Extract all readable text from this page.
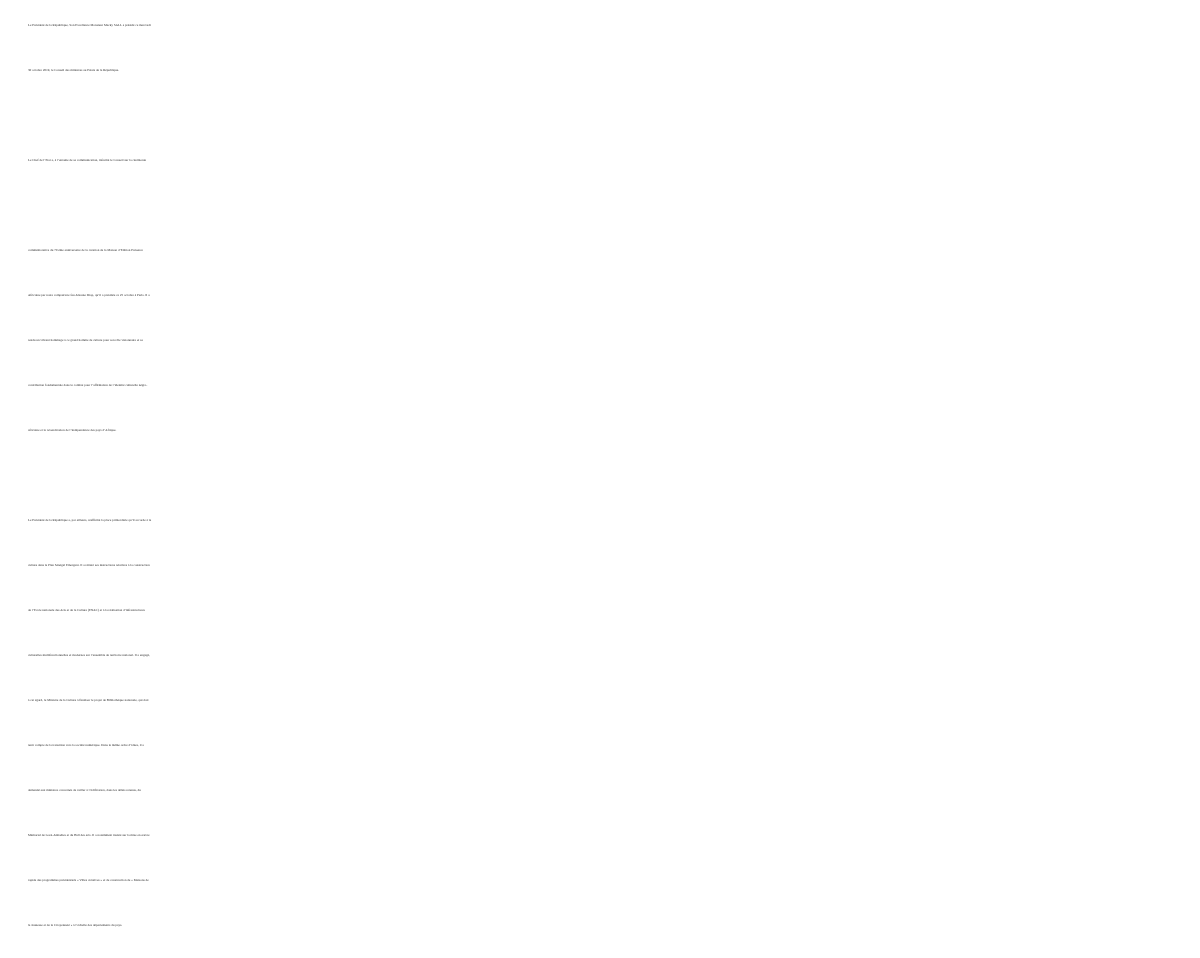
Le Président de la République, Son Excellence Monsieur Macky SALL a présidé ce mercredi
30 octobre 2019, le Conseil des ministres au Palais de la République.
Le Chef de l’Etat a, à l’entame de sa communication, informé le Conseil sur la cérémonie
commémorative du 70 ème anniversaire de la création de la Maison d’Edition Présence
Africaine par notre compatriote feu Alioune Diop, qu’il a présidée ce 25 octobre à Paris. Il a
rendu un vibrant hommage à ce grand homme de culture pour son rôle visionnaire et sa
contribution fondamentale dans le combat pour l’affirmation de l’identité culturelle négro-
africaine et la revendication de l’indépendance des pays d’Afrique.
Le Président de la République a, par ailleurs, réaffirmé la place primordiale qu’il accorde à la
culture dans le Plan Sénégal Emergent. Il a réitéré ses instructions relatives à la construction
de l’Ecole nationale des Arts et de la Culture (ENAC) et à la réalisation d’infrastructures
culturelles multifonctionnelles et modernes sur l’ensemble de territoire national. Il a engagé,
à cet égard, le Ministre de la Culture à finaliser le projet de Bibliothèque nationale, qui doit
tenir compte de la transition vers la société numérique. Dans le même ordre d’idées, il a
demandé aux ministres concernés de veiller à l’édification, dans les délais retenus, du
Mémorial de Goré-Almadies et du Hall des arts. Il a notamment insisté sur la mise en œuvre
rapide des programmes présidentiels « Villes créatives » et de construction de « Maisons de
la Jeunesse et de la Citoyenneté » à l’échelle des départements du pays.
